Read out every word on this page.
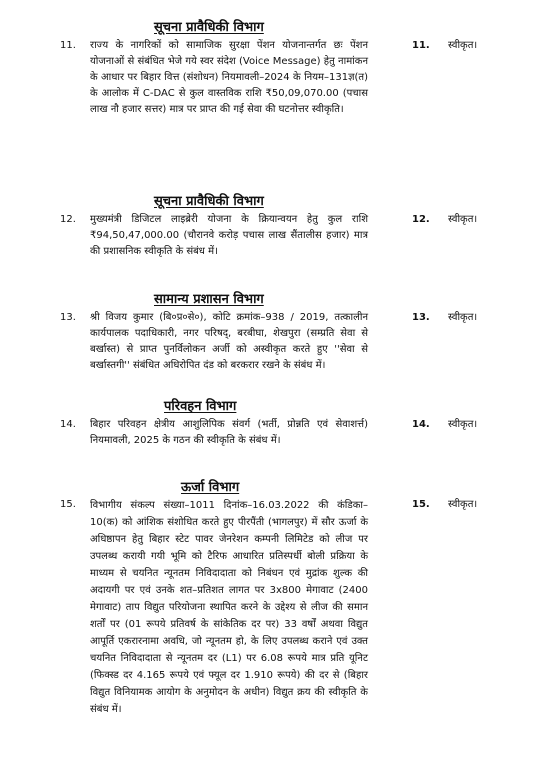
सूचना प्रावैधिकी विभाग
11. राज्य के नागरिकों को सामाजिक सुरक्षा पेंशन योजनान्तर्गत छः पेंशन योजनाओं से संबंधित भेजे गये स्वर संदेश (Voice Message) हेतु नामांकन के आधार पर बिहार वित्त (संशोधन) नियमावली–2024 के नियम–131ज्ञ(त) के आलोक में C-DAC से कुल वास्तविक राशि ₹50,09,070.00 (पचास लाख नौ हजार सत्तर) मात्र पर प्राप्त की गई सेवा की घटनोत्तर स्वीकृति।
11. स्वीकृत।
सूचना प्रावैधिकी विभाग
12. मुख्यमंत्री डिजिटल लाइब्रेरी योजना के क्रियान्वयन हेतु कुल राशि ₹94,50,47,000.00 (चौरानवे करोड़ पचास लाख सैंतालीस हजार) मात्र की प्रशासनिक स्वीकृति के संबंध में।
12. स्वीकृत।
सामान्य प्रशासन विभाग
13. श्री विजय कुमार (बि०प्र०से०), कोटि क्रमांक–938 / 2019, तत्कालीन कार्यपालक पदाधिकारी, नगर परिषद्, बरबीघा, शेखपुरा (सम्प्रति सेवा से बर्खास्त) से प्राप्त पुनर्विलोकन अर्जी को अस्वीकृत करते हुए ''सेवा से बर्खास्तगी'' संबंधित अधिरोपित दंड को बरकरार रखने के संबंध में।
13. स्वीकृत।
परिवहन विभाग
14. बिहार परिवहन क्षेत्रीय आशुलिपिक संवर्ग (भर्ती, प्रोन्नति एवं सेवाशर्त्त) नियमावली, 2025 के गठन की स्वीकृति के संबंध में।
14. स्वीकृत।
ऊर्जा विभाग
15. विभागीय संकल्प संख्या–1011 दिनांक–16.03.2022 की कंडिका–10(क) को आंशिक संशोधित करते हुए पीरपैंती (भागलपुर) में सौर ऊर्जा के अधिष्ठापन हेतु बिहार स्टेट पावर जेनरेशन कम्पनी लिमिटेड को लीज पर उपलब्ध करायी गयी भूमि को टैरिफ आधारित प्रतिस्पर्धी बोली प्रक्रिया के माध्यम से चयनित न्यूनतम निविदादाता को निबंधन एवं मुद्रांक शुल्क की अदायगी पर एवं उनके शत–प्रतिशत लागत पर 3x800 मेगावाट (2400 मेगावाट) ताप विद्युत परियोजना स्थापित करने के उद्देश्य से लीज की समान शर्तों पर (01 रूपये प्रतिवर्ष के सांकेतिक दर पर) 33 वर्षों अथवा विद्युत आपूर्ति एकरारनामा अवधि, जो न्यूनतम हो, के लिए उपलब्ध कराने एवं उक्त चयनित निविदादाता से न्यूनतम दर (L1) पर 6.08 रूपये मात्र प्रति यूनिट (फिक्स्ड दर 4.165 रूपये एवं फ्यूल दर 1.910 रूपये) की दर से (बिहार विद्युत विनियामक आयोग के अनुमोदन के अधीन) विद्युत क्रय की स्वीकृति के संबंध में।
15. स्वीकृत।
